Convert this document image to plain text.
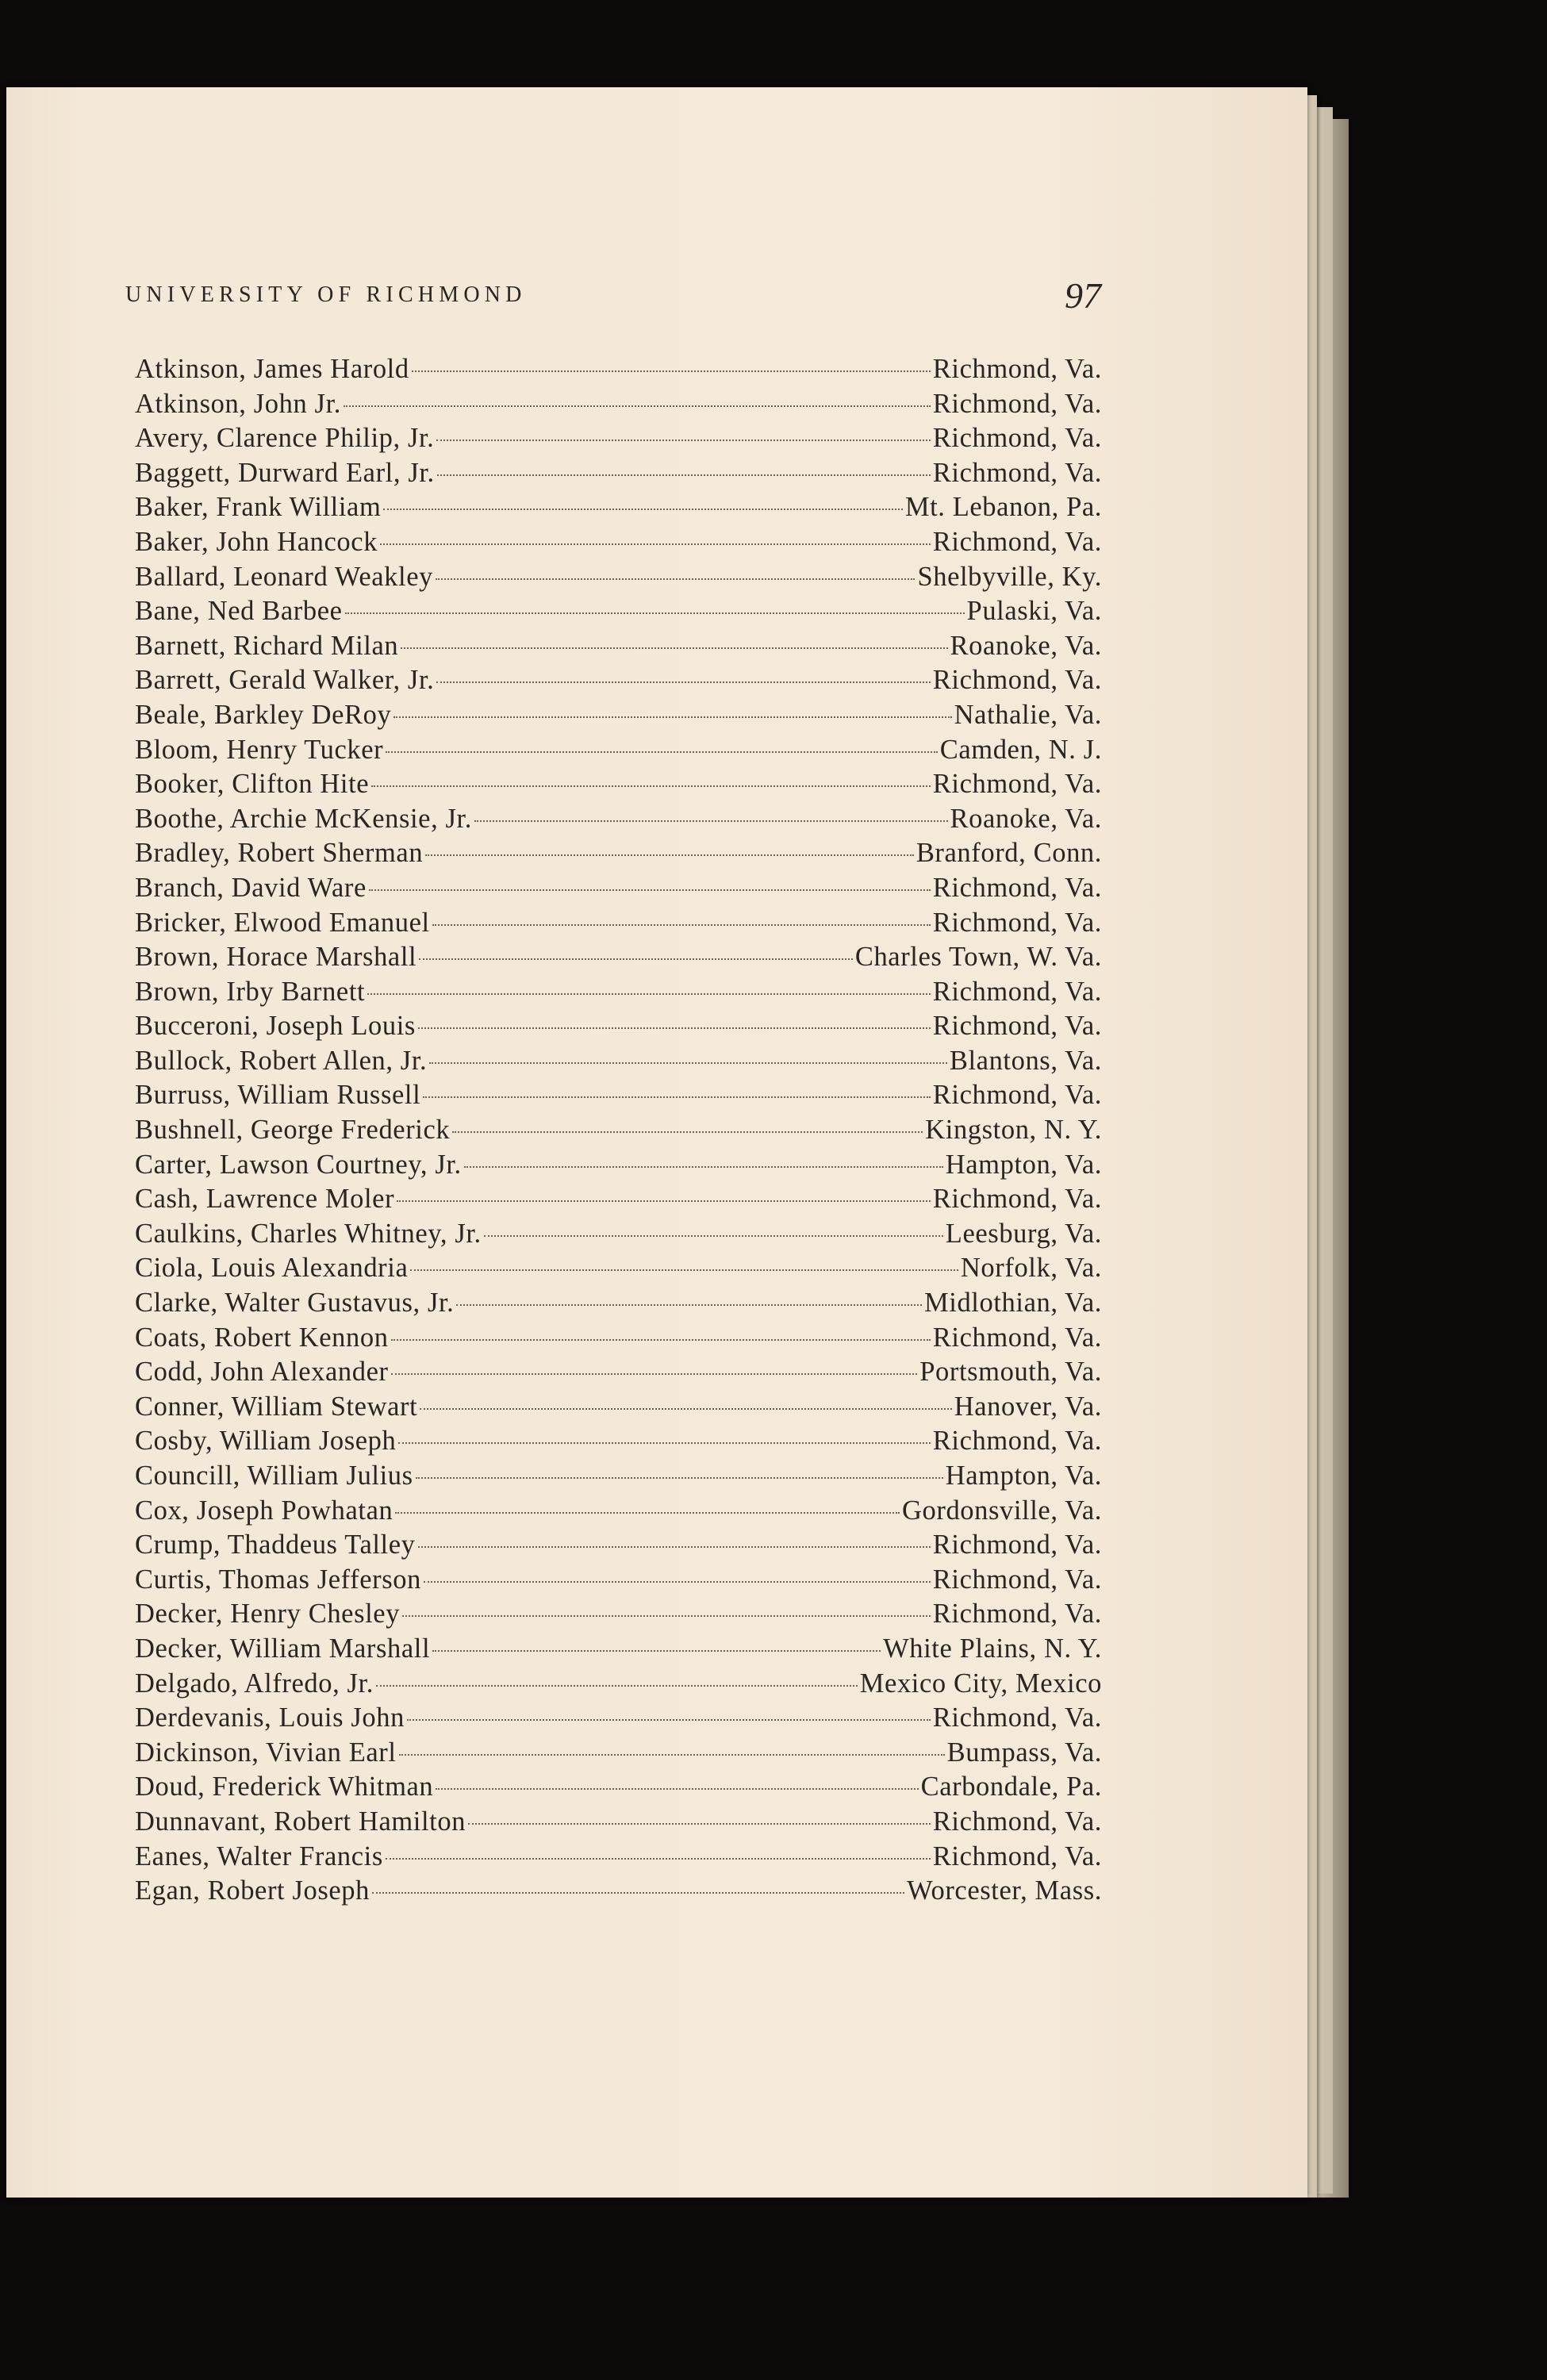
UNIVERSITY OF RICHMOND	97
Atkinson, James Harold	Richmond, Va.
Atkinson, John Jr.	Richmond, Va.
Avery, Clarence Philip, Jr.	Richmond, Va.
Baggett, Durward Earl, Jr.	Richmond, Va.
Baker, Frank William	Mt. Lebanon, Pa.
Baker, John Hancock	Richmond, Va.
Ballard, Leonard Weakley	Shelbyville, Ky.
Bane, Ned Barbee	Pulaski, Va.
Barnett, Richard Milan	Roanoke, Va.
Barrett, Gerald Walker, Jr.	Richmond, Va.
Beale, Barkley DeRoy	Nathalie, Va.
Bloom, Henry Tucker	Camden, N. J.
Booker, Clifton Hite	Richmond, Va.
Boothe, Archie McKensie, Jr.	Roanoke, Va.
Bradley, Robert Sherman	Branford, Conn.
Branch, David Ware	Richmond, Va.
Bricker, Elwood Emanuel	Richmond, Va.
Brown, Horace Marshall	Charles Town, W. Va.
Brown, Irby Barnett	Richmond, Va.
Bucceroni, Joseph Louis	Richmond, Va.
Bullock, Robert Allen, Jr.	Blantons, Va.
Burruss, William Russell	Richmond, Va.
Bushnell, George Frederick	Kingston, N. Y.
Carter, Lawson Courtney, Jr.	Hampton, Va.
Cash, Lawrence Moler	Richmond, Va.
Caulkins, Charles Whitney, Jr.	Leesburg, Va.
Ciola, Louis Alexandria	Norfolk, Va.
Clarke, Walter Gustavus, Jr.	Midlothian, Va.
Coats, Robert Kennon	Richmond, Va.
Codd, John Alexander	Portsmouth, Va.
Conner, William Stewart	Hanover, Va.
Cosby, William Joseph	Richmond, Va.
Councill, William Julius	Hampton, Va.
Cox, Joseph Powhatan	Gordonsville, Va.
Crump, Thaddeus Talley	Richmond, Va.
Curtis, Thomas Jefferson	Richmond, Va.
Decker, Henry Chesley	Richmond, Va.
Decker, William Marshall	White Plains, N. Y.
Delgado, Alfredo, Jr.	Mexico City, Mexico
Derdevanis, Louis John	Richmond, Va.
Dickinson, Vivian Earl	Bumpass, Va.
Doud, Frederick Whitman	Carbondale, Pa.
Dunnavant, Robert Hamilton	Richmond, Va.
Eanes, Walter Francis	Richmond, Va.
Egan, Robert Joseph	Worcester, Mass.
